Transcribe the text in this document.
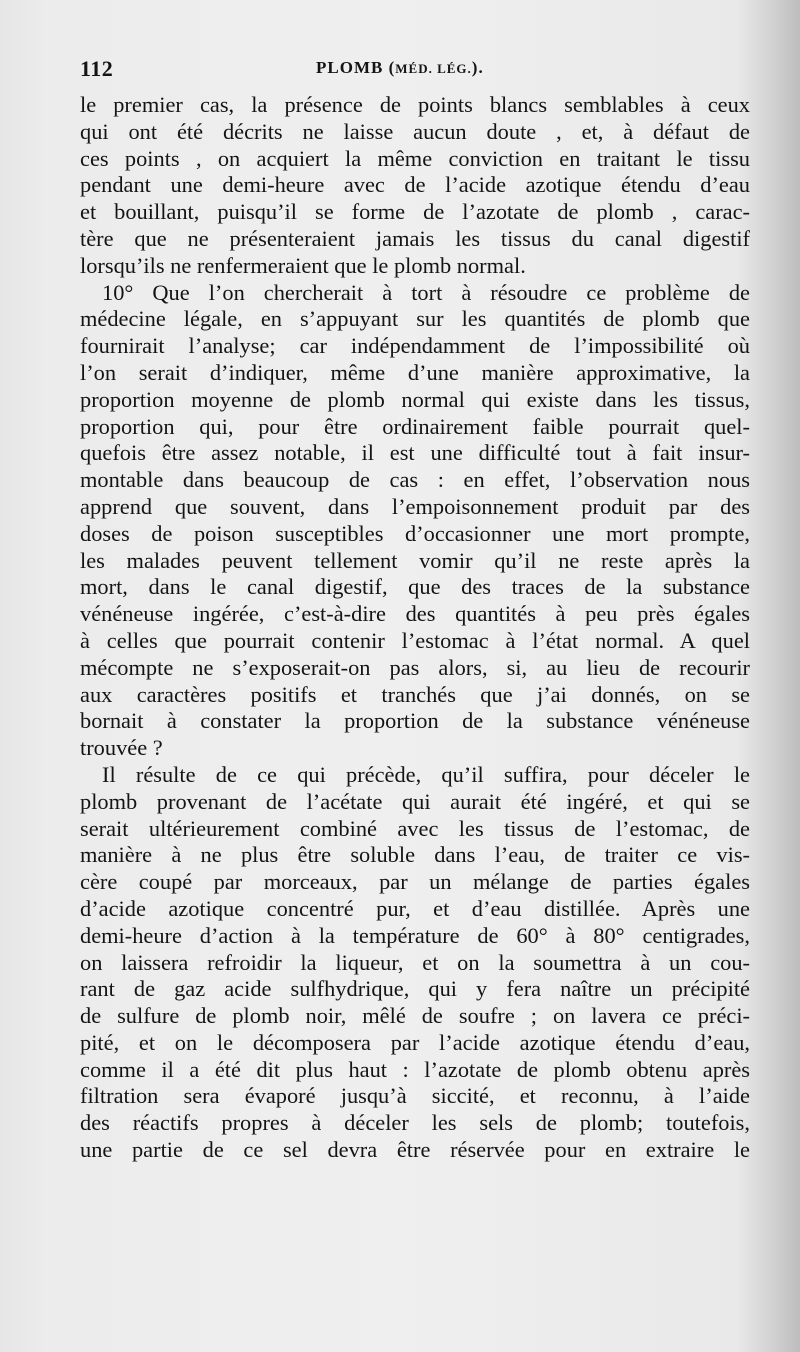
112	PLOMB (MÉD. LÉG.).
le premier cas, la présence de points blancs semblables à ceux
qui ont été décrits ne laisse aucun doute , et, à défaut de
ces points , on acquiert la même conviction en traitant le tissu
pendant une demi-heure avec de l’acide azotique étendu d’eau
et bouillant, puisqu’il se forme de l’azotate de plomb , carac-
tère que ne présenteraient jamais les tissus du canal digestif
lorsqu’ils ne renfermeraient que le plomb normal.
10° Que l’on chercherait à tort à résoudre ce problème de
médecine légale, en s’appuyant sur les quantités de plomb que
fournirait l’analyse; car indépendamment de l’impossibilité où
l’on serait d’indiquer, même d’une manière approximative, la
proportion moyenne de plomb normal qui existe dans les tissus,
proportion qui, pour être ordinairement faible pourrait quel-
quefois être assez notable, il est une difficulté tout à fait insur-
montable dans beaucoup de cas : en effet, l’observation nous
apprend que souvent, dans l’empoisonnement produit par des
doses de poison susceptibles d’occasionner une mort prompte,
les malades peuvent tellement vomir qu’il ne reste après la
mort, dans le canal digestif, que des traces de la substance
vénéneuse ingérée, c’est-à-dire des quantités à peu près égales
à celles que pourrait contenir l’estomac à l’état normal. A quel
mécompte ne s’exposerait-on pas alors, si, au lieu de recourir
aux caractères positifs et tranchés que j’ai donnés, on se
bornait à constater la proportion de la substance vénéneuse
trouvée ?
Il résulte de ce qui précède, qu’il suffira, pour déceler le
plomb provenant de l’acétate qui aurait été ingéré, et qui se
serait ultérieurement combiné avec les tissus de l’estomac, de
manière à ne plus être soluble dans l’eau, de traiter ce vis-
cère coupé par morceaux, par un mélange de parties égales
d’acide azotique concentré pur, et d’eau distillée. Après une
demi-heure d’action à la température de 60° à 80° centigrades,
on laissera refroidir la liqueur, et on la soumettra à un cou-
rant de gaz acide sulfhydrique, qui y fera naître un précipité
de sulfure de plomb noir, mêlé de soufre ; on lavera ce préci-
pité, et on le décomposera par l’acide azotique étendu d’eau,
comme il a été dit plus haut : l’azotate de plomb obtenu après
filtration sera évaporé jusqu’à siccité, et reconnu, à l’aide
des réactifs propres à déceler les sels de plomb; toutefois,
une partie de ce sel devra être réservée pour en extraire le
